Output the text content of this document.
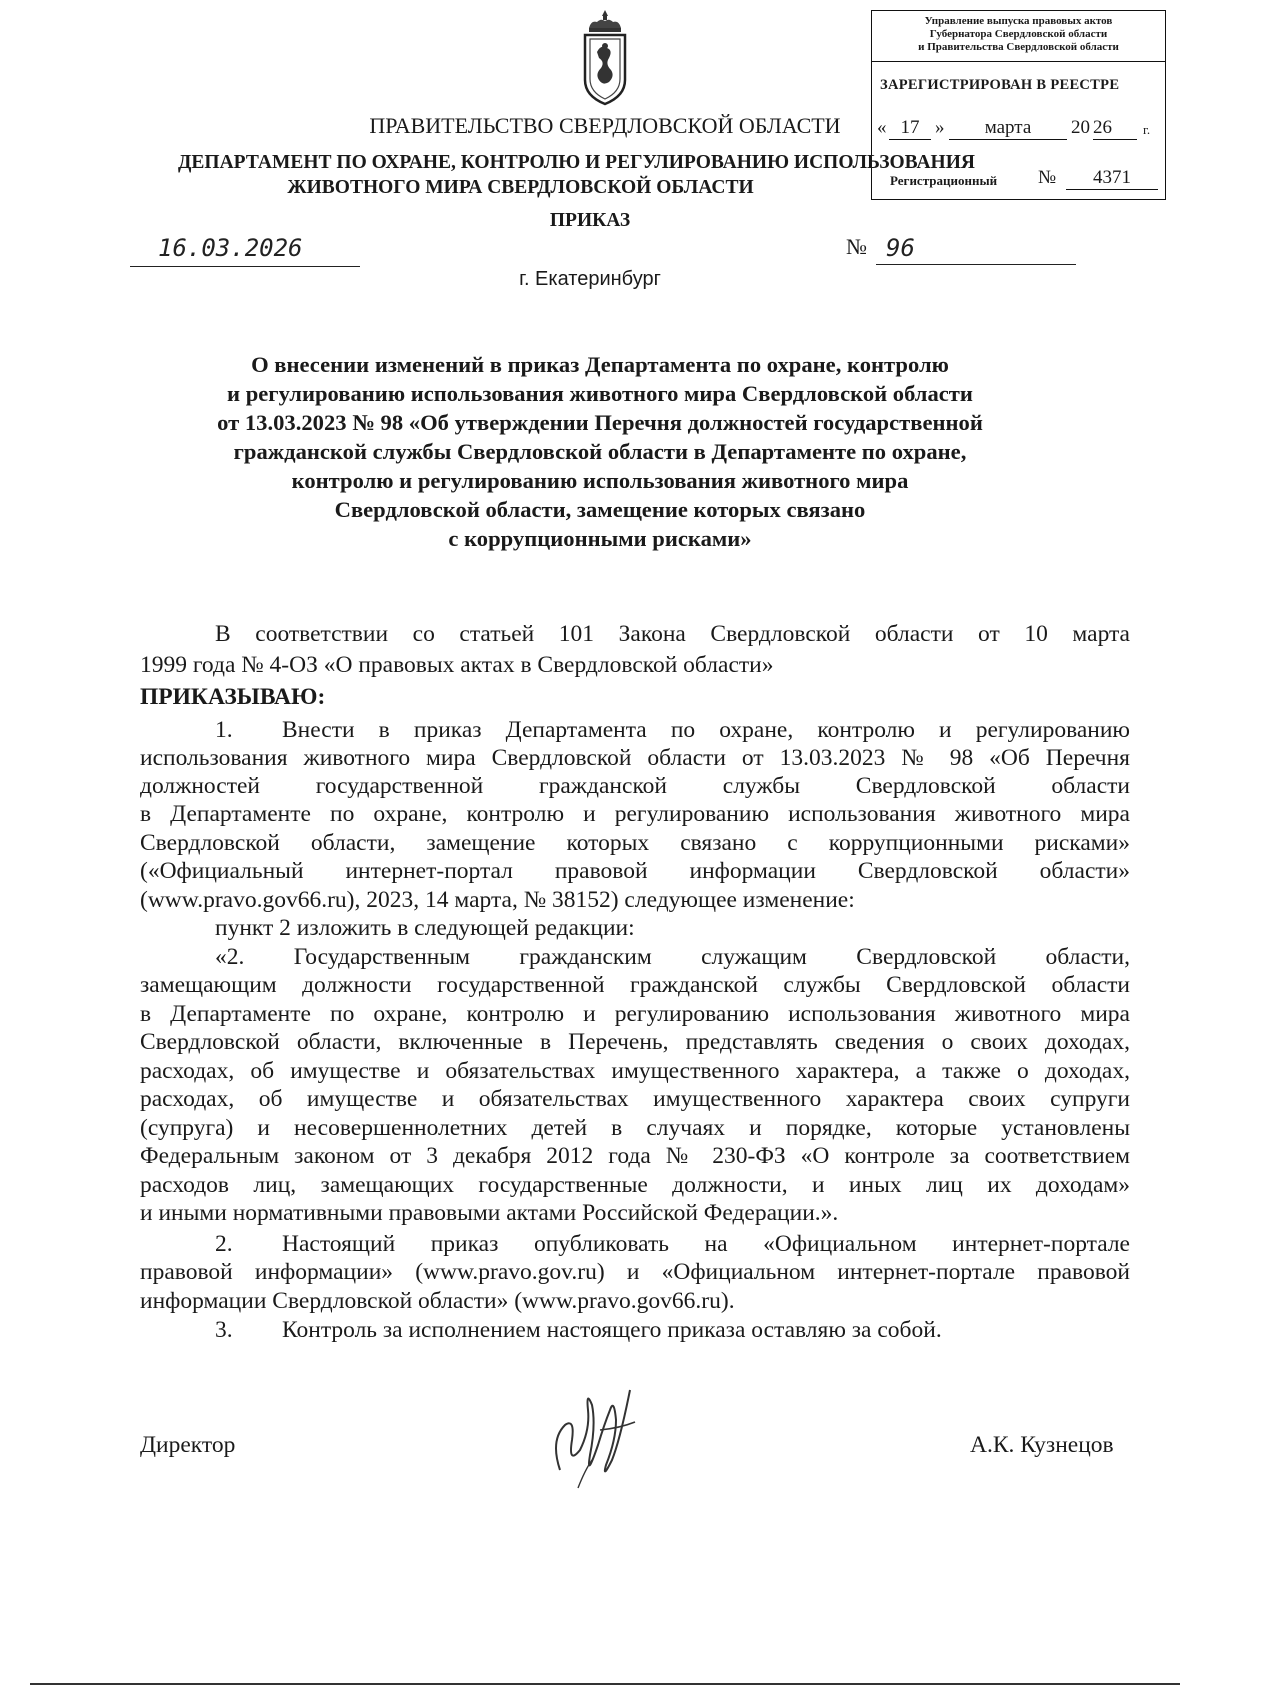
Управление выпуска правовых актов
Губернатора Свердловской области
и Правительства Свердловской области
ЗАРЕГИСТРИРОВАН В РЕЕСТРЕ
« 17 »	марта	20 26	г.
Регистрационный №	4371
ПРАВИТЕЛЬСТВО СВЕРДЛОВСКОЙ ОБЛАСТИ
ДЕПАРТАМЕНТ ПО ОХРАНЕ, КОНТРОЛЮ И РЕГУЛИРОВАНИЮ ИСПОЛЬЗОВАНИЯ
ЖИВОТНОГО МИРА СВЕРДЛОВСКОЙ ОБЛАСТИ
ПРИКАЗ
16.03.2026	№ 96
г. Екатеринбург
О внесении изменений в приказ Департамента по охране, контролю
и регулированию использования животного мира Свердловской области
от 13.03.2023 № 98 «Об утверждении Перечня должностей государственной
гражданской службы Свердловской области в Департаменте по охране,
контролю и регулированию использования животного мира
Свердловской области, замещение которых связано
с коррупционными рисками»
В соответствии со статьей 101 Закона Свердловской области от 10 марта
1999 года № 4-ОЗ «О правовых актах в Свердловской области»
ПРИКАЗЫВАЮ:
1. Внести в приказ Департамента по охране, контролю и регулированию
использования животного мира Свердловской области от 13.03.2023 № 98 «Об Перечня
должностей государственной гражданской службы Свердловской области
в Департаменте по охране, контролю и регулированию использования животного мира
Свердловской области, замещение которых связано с коррупционными рисками»
(«Официальный интернет-портал правовой информации Свердловской области»
(www.pravo.gov66.ru), 2023, 14 марта, № 38152) следующее изменение:
пункт 2 изложить в следующей редакции:
«2. Государственным гражданским служащим Свердловской области,
замещающим должности государственной гражданской службы Свердловской области
в Департаменте по охране, контролю и регулированию использования животного мира
Свердловской области, включенные в Перечень, представлять сведения о своих доходах,
расходах, об имуществе и обязательствах имущественного характера, а также о доходах,
расходах, об имуществе и обязательствах имущественного характера своих супруги
(супруга) и несовершеннолетних детей в случаях и порядке, которые установлены
Федеральным законом от 3 декабря 2012 года № 230-ФЗ «О контроле за соответствием
расходов лиц, замещающих государственные должности, и иных лиц их доходам»
и иными нормативными правовыми актами Российской Федерации.».
2. Настоящий приказ опубликовать на «Официальном интернет-портале
правовой информации» (www.pravo.gov.ru) и «Официальном интернет-портале правовой
информации Свердловской области» (www.pravo.gov66.ru).
3. Контроль за исполнением настоящего приказа оставляю за собой.
Директор	А.К. Кузнецов
